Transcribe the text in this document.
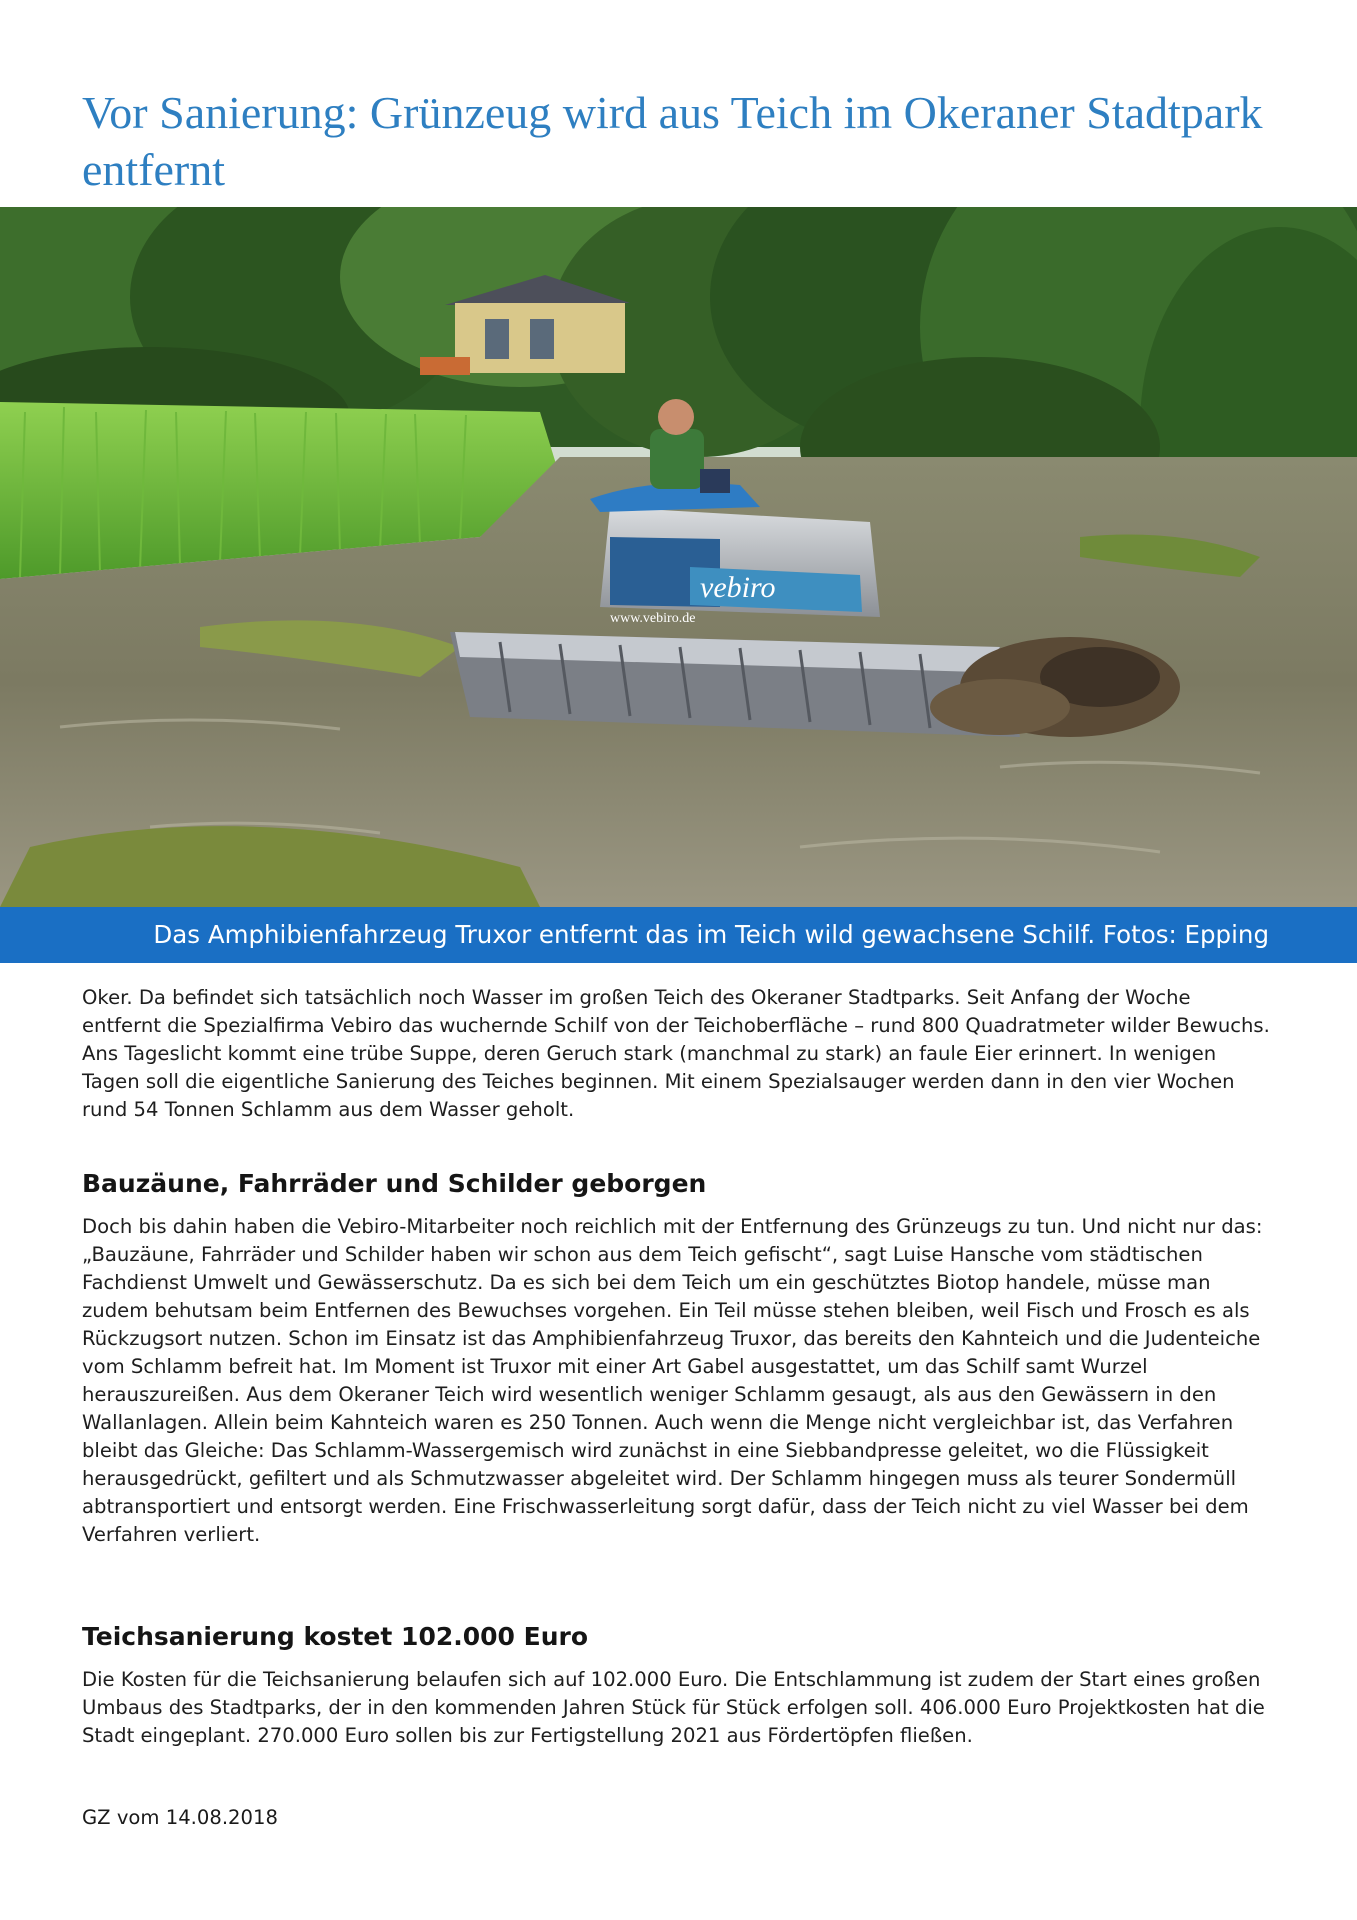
Vor Sanierung: Grünzeug wird aus Teich im Okeraner Stadtpark entfernt
vebiro
www.vebiro.de
Das Amphibienfahrzeug Truxor entfernt das im Teich wild gewachsene Schilf. Fotos: Epping

Oker. Da befindet sich tatsächlich noch Wasser im großen Teich des Okeraner Stadtparks. Seit Anfang der Woche entfernt die Spezialfirma Vebiro das wuchernde Schilf von der Teichoberfläche – rund 800 Quadratmeter wilder Bewuchs. Ans Tageslicht kommt eine trübe Suppe, deren Geruch stark (manchmal zu stark) an faule Eier erinnert. In wenigen Tagen soll die eigentliche Sanierung des Teiches beginnen. Mit einem Spezialsauger werden dann in den vier Wochen rund 54 Tonnen Schlamm aus dem Wasser geholt.

Bauzäune, Fahrräder und Schilder geborgen

Doch bis dahin haben die Vebiro-Mitarbeiter noch reichlich mit der Entfernung des Grünzeugs zu tun. Und nicht nur das: „Bauzäune, Fahrräder und Schilder haben wir schon aus dem Teich gefischt“, sagt Luise Hansche vom städtischen Fachdienst Umwelt und Gewässerschutz. Da es sich bei dem Teich um ein geschütztes Biotop handele, müsse man zudem behutsam beim Entfernen des Bewuchses vorgehen. Ein Teil müsse stehen bleiben, weil Fisch und Frosch es als Rückzugsort nutzen. Schon im Einsatz ist das Amphibienfahrzeug Truxor, das bereits den Kahnteich und die Judenteiche vom Schlamm befreit hat. Im Moment ist Truxor mit einer Art Gabel ausgestattet, um das Schilf samt Wurzel herauszureißen. Aus dem Okeraner Teich wird wesentlich weniger Schlamm gesaugt, als aus den Gewässern in den Wallanlagen. Allein beim Kahnteich waren es 250 Tonnen. Auch wenn die Menge nicht vergleichbar ist, das Verfahren bleibt das Gleiche: Das Schlamm-Wassergemisch wird zunächst in eine Siebbandpresse geleitet, wo die Flüssigkeit herausgedrückt, gefiltert und als Schmutzwasser abgeleitet wird. Der Schlamm hingegen muss als teurer Sondermüll abtransportiert und entsorgt werden. Eine Frischwasserleitung sorgt dafür, dass der Teich nicht zu viel Wasser bei dem Verfahren verliert.

Teichsanierung kostet 102.000 Euro

Die Kosten für die Teichsanierung belaufen sich auf 102.000 Euro. Die Entschlammung ist zudem der Start eines großen Umbaus des Stadtparks, der in den kommenden Jahren Stück für Stück erfolgen soll. 406.000 Euro Projektkosten hat die Stadt eingeplant. 270.000 Euro sollen bis zur Fertigstellung 2021 aus Fördertöpfen fließen.

GZ vom 14.08.2018
